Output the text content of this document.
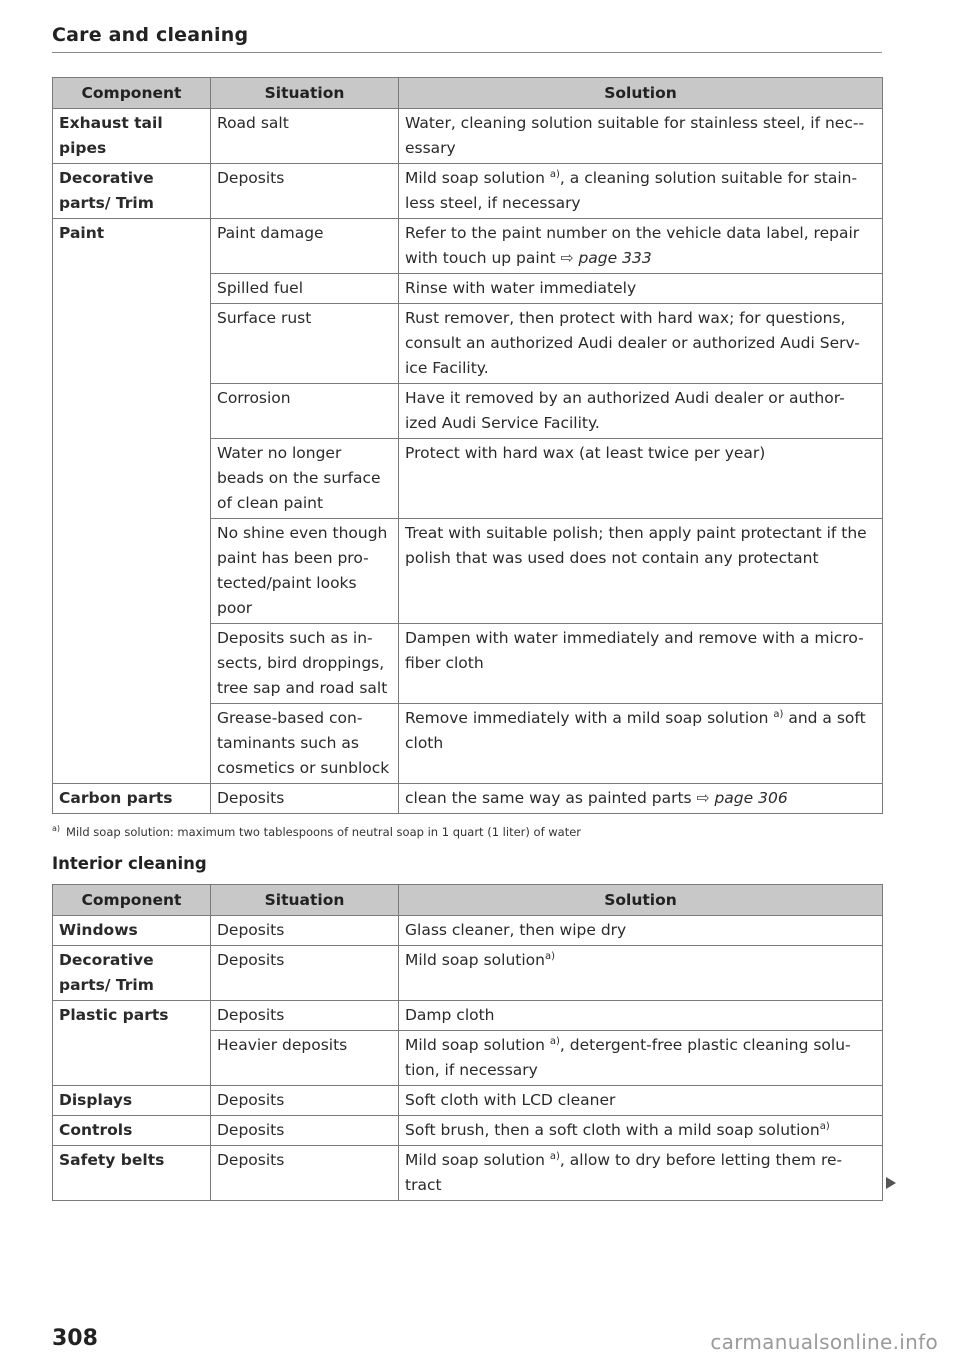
Care and cleaning
Component	Situation	Solution
Exhaust tail pipes	Road salt	Water, cleaning solution suitable for stainless steel, if nec-essary
Decorative parts/ Trim	Deposits	Mild soap solution $^{a)}$, a cleaning solution suitable for stain-less steel, if necessary
Paint	Paint damage	Refer to the paint number on the vehicle data label, repair with touch up paint ⇨ page 333
	Spilled fuel	Rinse with water immediately
	Surface rust	Rust remover, then protect with hard wax; for questions, consult an authorized Audi dealer or authorized Audi Serv-ice Facility.
	Corrosion	Have it removed by an authorized Audi dealer or author-ized Audi Service Facility.
	Water no longer beads on the surface of clean paint	Protect with hard wax (at least twice per year)
	No shine even though paint has been pro-tected/paint looks poor	Treat with suitable polish; then apply paint protectant if the polish that was used does not contain any protectant
	Deposits such as in-sects, bird droppings, tree sap and road salt	Dampen with water immediately and remove with a micro-fiber cloth
	Grease-based con-taminants such as cosmetics or sunblock	Remove immediately with a mild soap solution $^{a)}$ and a soft cloth
Carbon parts	Deposits	clean the same way as painted parts ⇨ page 306
$^{a)}$ Mild soap solution: maximum two tablespoons of neutral soap in 1 quart (1 liter) of water
Interior cleaning
Component	Situation	Solution
Windows	Deposits	Glass cleaner, then wipe dry
Decorative parts/ Trim	Deposits	Mild soap solution$^{a)}$
Plastic parts	Deposits	Damp cloth
	Heavier deposits	Mild soap solution $^{a)}$, detergent-free plastic cleaning solu-tion, if necessary
Displays	Deposits	Soft cloth with LCD cleaner
Controls	Deposits	Soft brush, then a soft cloth with a mild soap solution$^{a)}$
Safety belts	Deposits	Mild soap solution $^{a)}$, allow to dry before letting them re-tract
308	carmanualsonline.info
